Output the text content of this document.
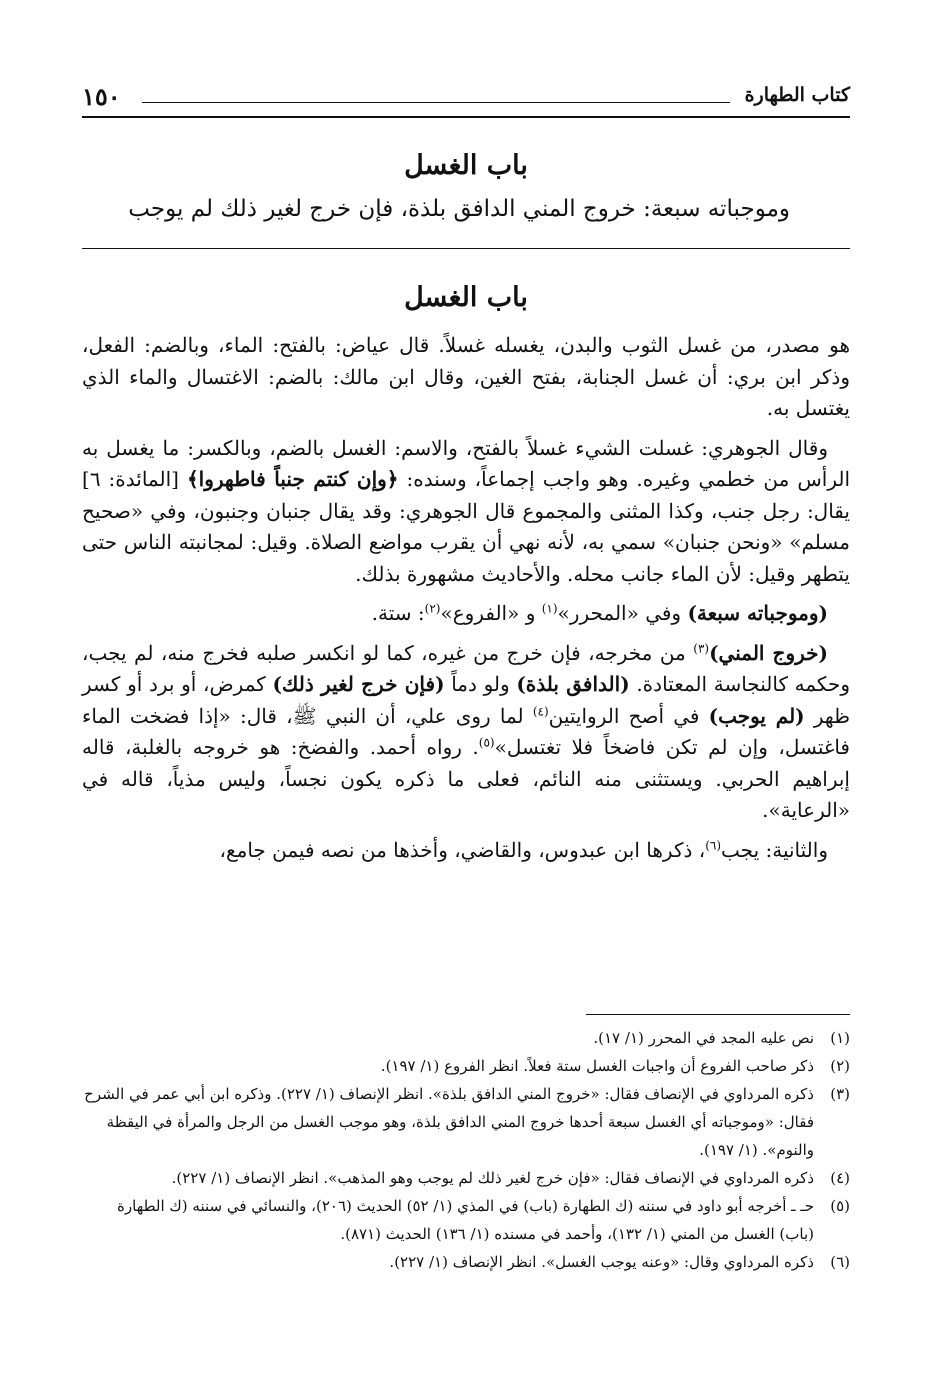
١٥٠	كتاب الطهارة
باب الغسل
وموجباته سبعة: خروج المني الدافق بلذة، فإن خرج لغير ذلك لم يوجب
باب الغسل

هو مصدر، من غسل الثوب والبدن، يغسله غسلاً. قال عياض: بالفتح: الماء، وبالضم: الفعل، وذكر ابن بري: أن غسل الجنابة، بفتح الغين، وقال ابن مالك: بالضم: الاغتسال والماء الذي يغتسل به.

وقال الجوهري: غسلت الشيء غسلاً بالفتح، والاسم: الغسل بالضم، وبالكسر: ما يغسل به الرأس من خطمي وغيره. وهو واجب إجماعاً، وسنده: ﴿وإن كنتم جنباً فاطهروا﴾ [المائدة: ٦] يقال: رجل جنب، وكذا المثنى والمجموع قال الجوهري: وقد يقال جنبان وجنبون، وفي «صحيح مسلم» «ونحن جنبان» سمي به، لأنه نهي أن يقرب مواضع الصلاة. وقيل: لمجانبته الناس حتى يتطهر وقيل: لأن الماء جانب محله. والأحاديث مشهورة بذلك.

(وموجباته سبعة) وفي «المحرر»$^{(١)}$ و «الفروع»$^{(٢)}$: ستة.

(خروج المني)$^{(٣)}$ من مخرجه، فإن خرج من غيره، كما لو انكسر صلبه فخرج منه، لم يجب، وحكمه كالنجاسة المعتادة. (الدافق بلذة) ولو دماً (فإن خرج لغير ذلك) كمرض، أو برد أو كسر ظهر (لم يوجب) في أصح الروايتين$^{(٤)}$ لما روى علي، أن النبي ﷺ، قال: «إذا فضخت الماء فاغتسل، وإن لم تكن فاضخاً فلا تغتسل»$^{(٥)}$. رواه أحمد. والفضخ: هو خروجه بالغلبة، قاله إبراهيم الحربي. ويستثنى منه النائم، فعلى ما ذكره يكون نجساً، وليس مذياً، قاله في «الرعاية».

والثانية: يجب$^{(٦)}$، ذكرها ابن عبدوس، والقاضي، وأخذها من نصه فيمن جامع،

(١)
نص عليه المجد في المحرر (١/ ١٧).
(٢)
ذكر صاحب الفروع أن واجبات الغسل ستة فعلاً. انظر الفروع (١/ ١٩٧).
(٣)
ذكره المرداوي في الإنصاف فقال: «خروج المني الدافق بلذة». انظر الإنصاف (١/ ٢٢٧). وذكره ابن أبي عمر في الشرح فقال: «وموجباته أي الغسل سبعة أحدها خروج المني الدافق بلذة، وهو موجب الغسل من الرجل والمرأة في اليقظة والنوم». (١/ ١٩٧).
(٤)
ذكره المرداوي في الإنصاف فقال: «فإن خرج لغير ذلك لم يوجب وهو المذهب». انظر الإنصاف (١/ ٢٢٧).
(٥)
حـ ـ أخرجه أبو داود في سننه (ك الطهارة (باب) في المذي (١/ ٥٢) الحديث (٢٠٦)، والنسائي في سننه (ك الطهارة (باب) الغسل من المني (١/ ١٣٢)، وأحمد في مسنده (١/ ١٣٦) الحديث (٨٧١).
(٦)
ذكره المرداوي وقال: «وعنه يوجب الغسل». انظر الإنصاف (١/ ٢٢٧).
